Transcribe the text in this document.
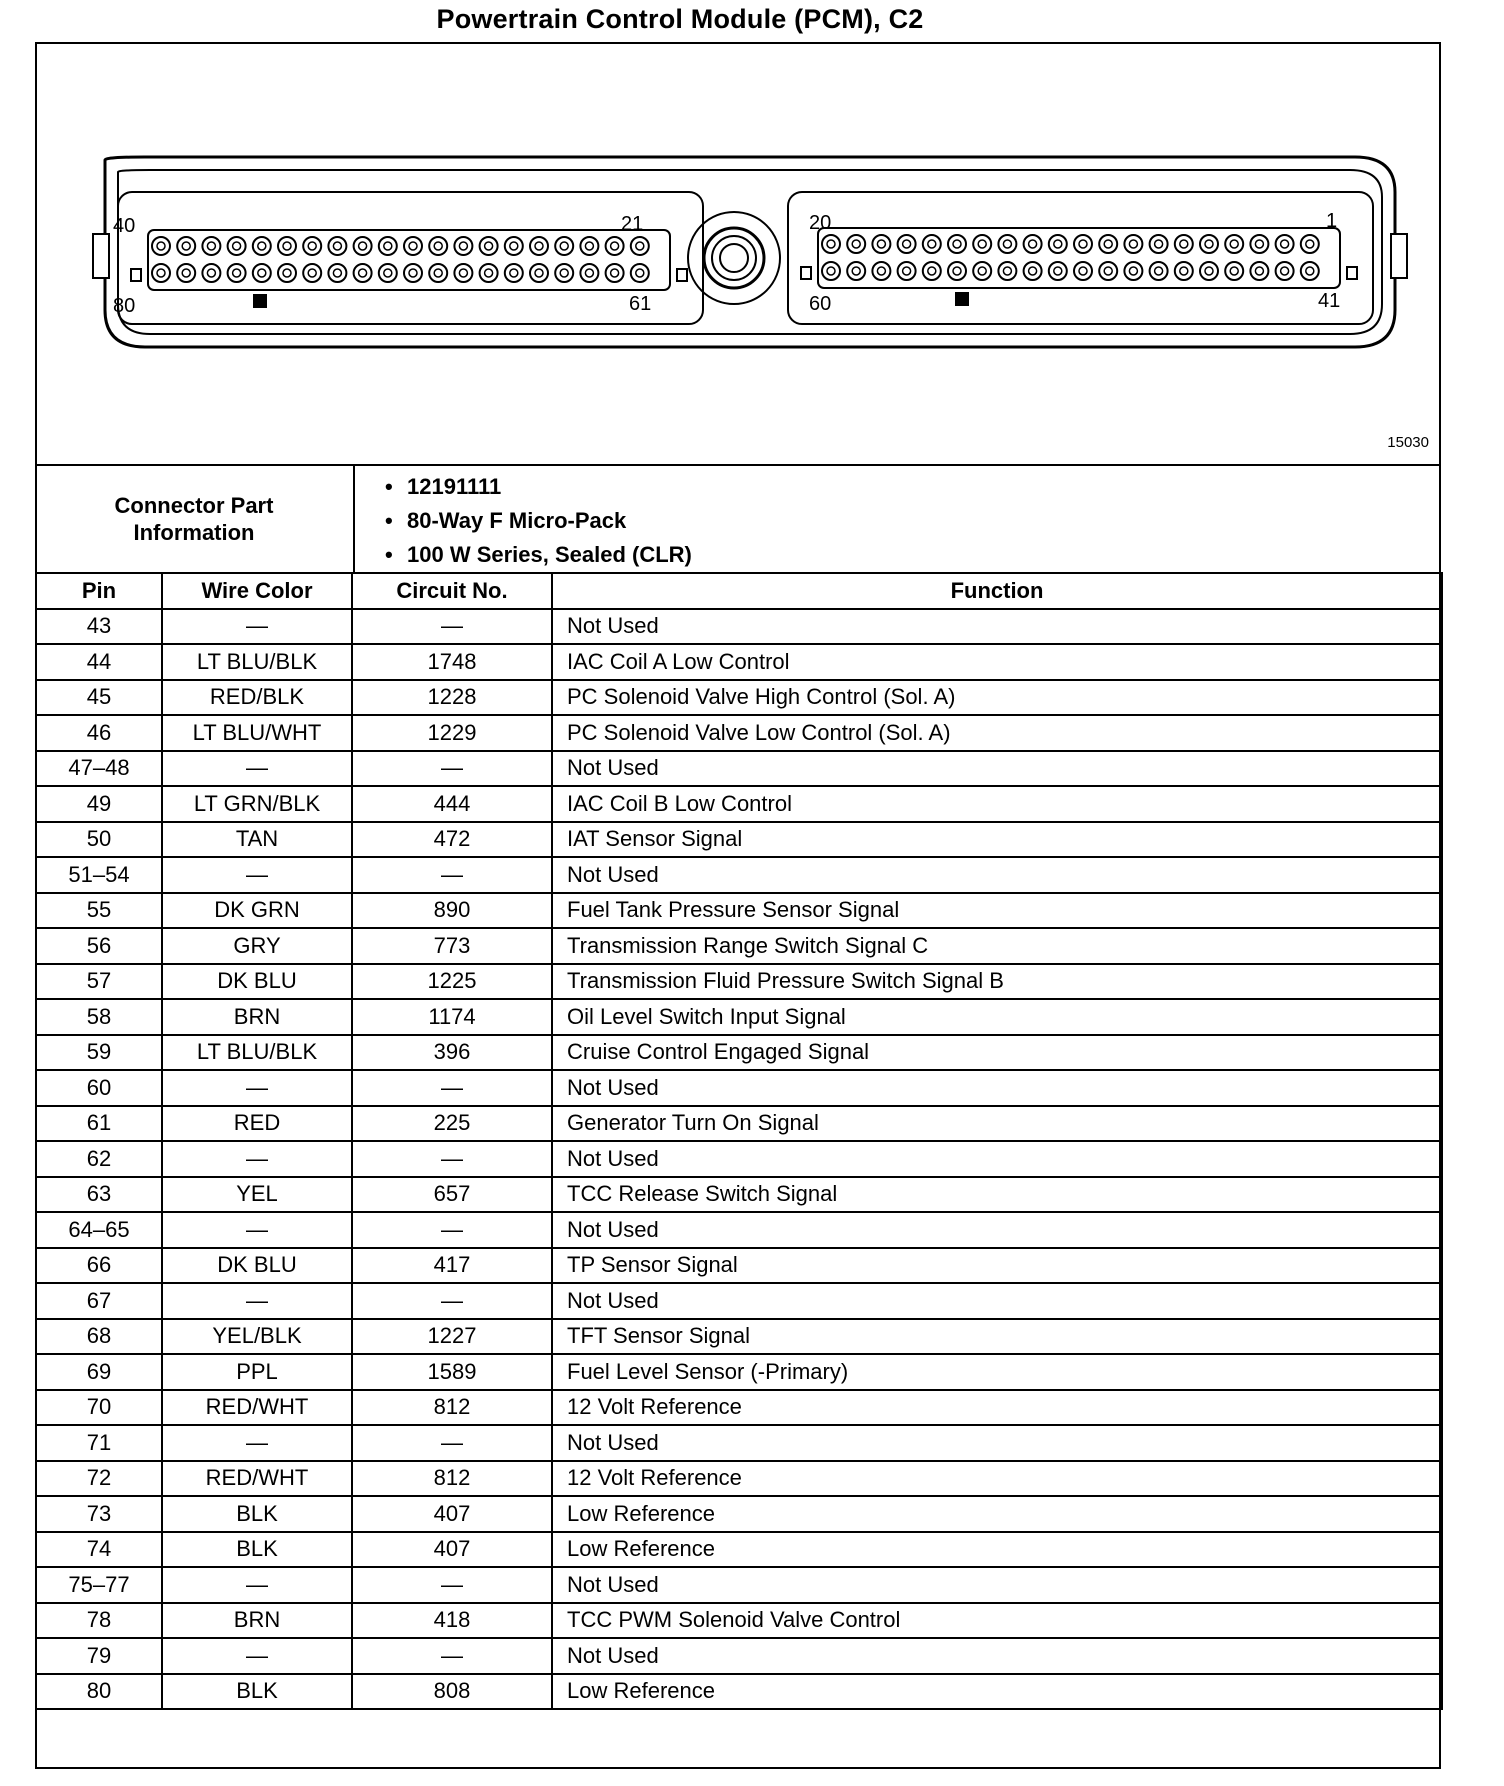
Powertrain Control Module (PCM), C2
40	21
80	61
20	1
60	41
15030
Connector Part
Information
• 12191111
• 80-Way F Micro-Pack
• 100 W Series, Sealed (CLR)
Pin	Wire Color	Circuit No.	Function
43	—	—	Not Used
44	LT BLU/BLK	1748	IAC Coil A Low Control
45	RED/BLK	1228	PC Solenoid Valve High Control (Sol. A)
46	LT BLU/WHT	1229	PC Solenoid Valve Low Control (Sol. A)
47–48	—	—	Not Used
49	LT GRN/BLK	444	IAC Coil B Low Control
50	TAN	472	IAT Sensor Signal
51–54	—	—	Not Used
55	DK GRN	890	Fuel Tank Pressure Sensor Signal
56	GRY	773	Transmission Range Switch Signal C
57	DK BLU	1225	Transmission Fluid Pressure Switch Signal B
58	BRN	1174	Oil Level Switch Input Signal
59	LT BLU/BLK	396	Cruise Control Engaged Signal
60	—	—	Not Used
61	RED	225	Generator Turn On Signal
62	—	—	Not Used
63	YEL	657	TCC Release Switch Signal
64–65	—	—	Not Used
66	DK BLU	417	TP Sensor Signal
67	—	—	Not Used
68	YEL/BLK	1227	TFT Sensor Signal
69	PPL	1589	Fuel Level Sensor (-Primary)
70	RED/WHT	812	12 Volt Reference
71	—	—	Not Used
72	RED/WHT	812	12 Volt Reference
73	BLK	407	Low Reference
74	BLK	407	Low Reference
75–77	—	—	Not Used
78	BRN	418	TCC PWM Solenoid Valve Control
79	—	—	Not Used
80	BLK	808	Low Reference
